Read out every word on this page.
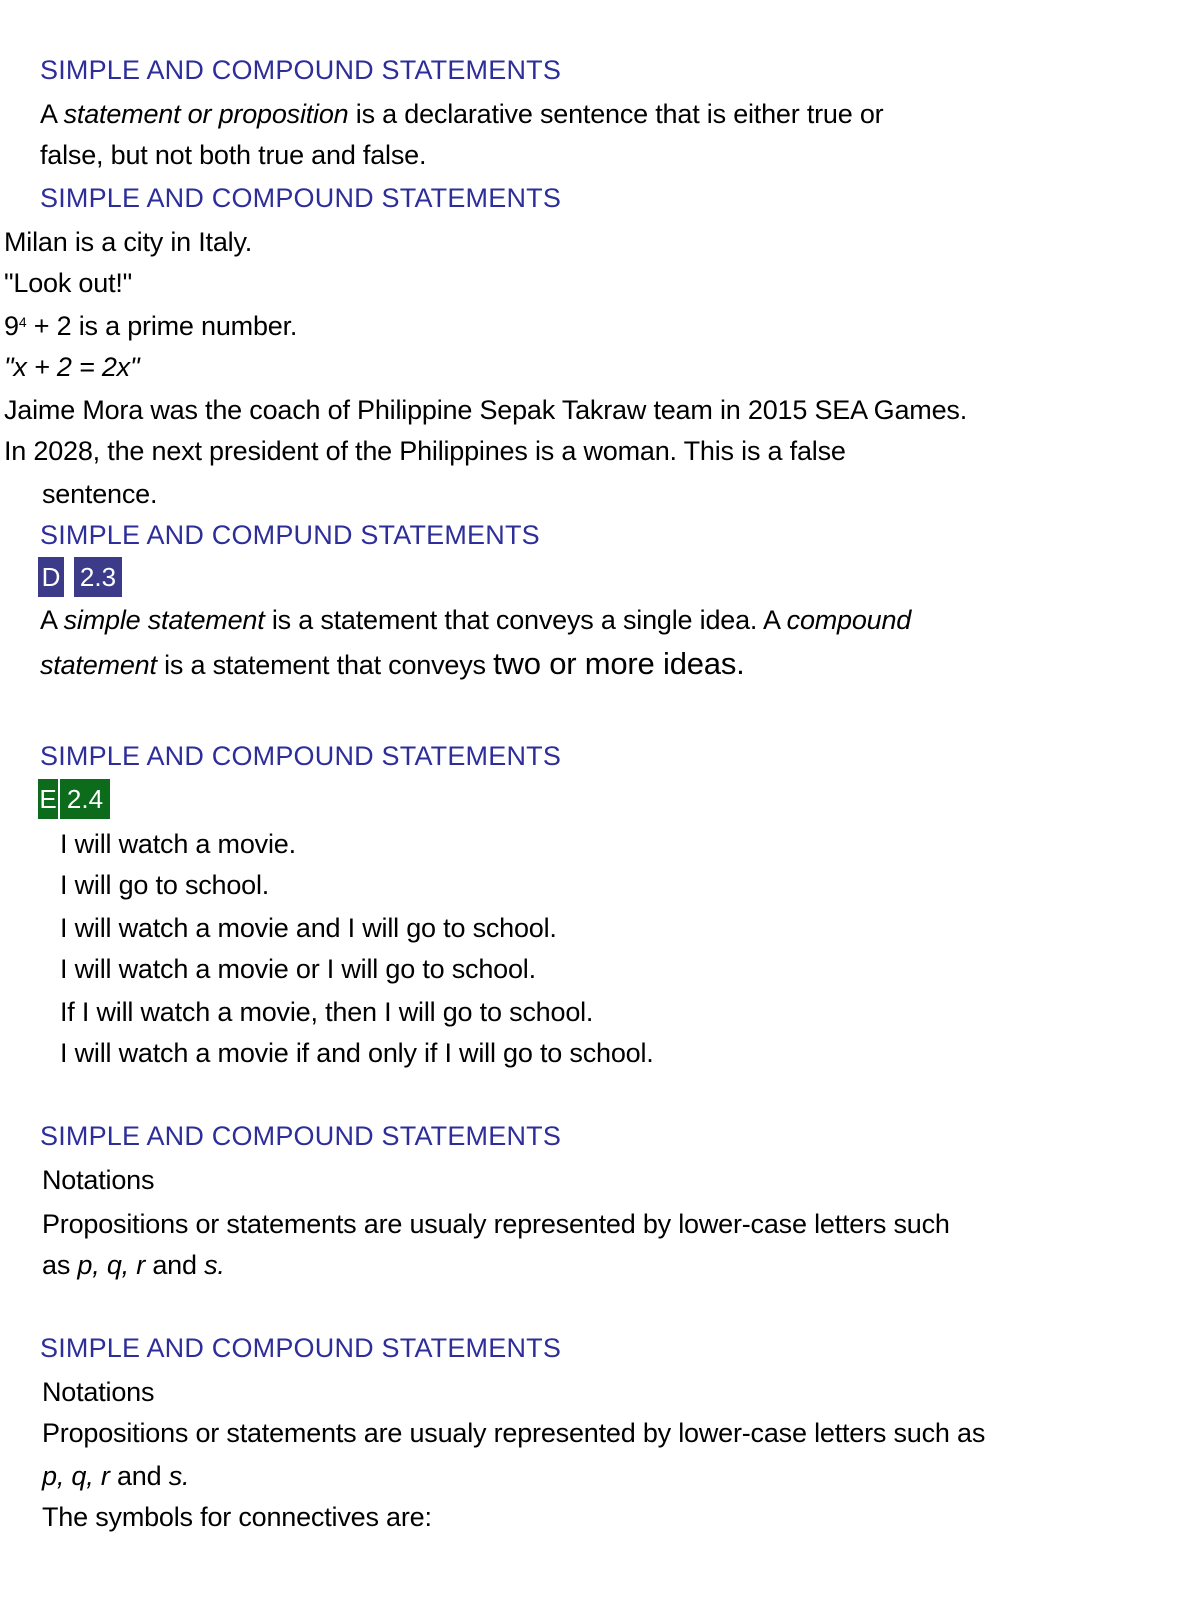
SIMPLE AND COMPOUND STATEMENTS
A statement or proposition is a declarative sentence that is either true or
false, but not both true and false.
SIMPLE AND COMPOUND STATEMENTS
Milan is a city in Italy.
"Look out!"
$9^4 + 2$ is a prime number.
"x + 2 = 2x"
Jaime Mora was the coach of Philippine Sepak Takraw team in 2015 SEA Games.
In 2028, the next president of the Philippines is a woman. This is a false
sentence.
SIMPLE AND COMPUND STATEMENTS
D 2.3
A simple statement is a statement that conveys a single idea. A compound
statement is a statement that conveys two or more ideas.
SIMPLE AND COMPOUND STATEMENTS
E 2.4
I will watch a movie.
I will go to school.
I will watch a movie and I will go to school.
I will watch a movie or I will go to school.
If I will watch a movie, then I will go to school.
I will watch a movie if and only if I will go to school.
SIMPLE AND COMPOUND STATEMENTS
Notations
Propositions or statements are usualy represented by lower-case letters such
as p, q, r and s.
SIMPLE AND COMPOUND STATEMENTS
Notations
Propositions or statements are usualy represented by lower-case letters such as
p, q, r and s.
The symbols for connectives are:
